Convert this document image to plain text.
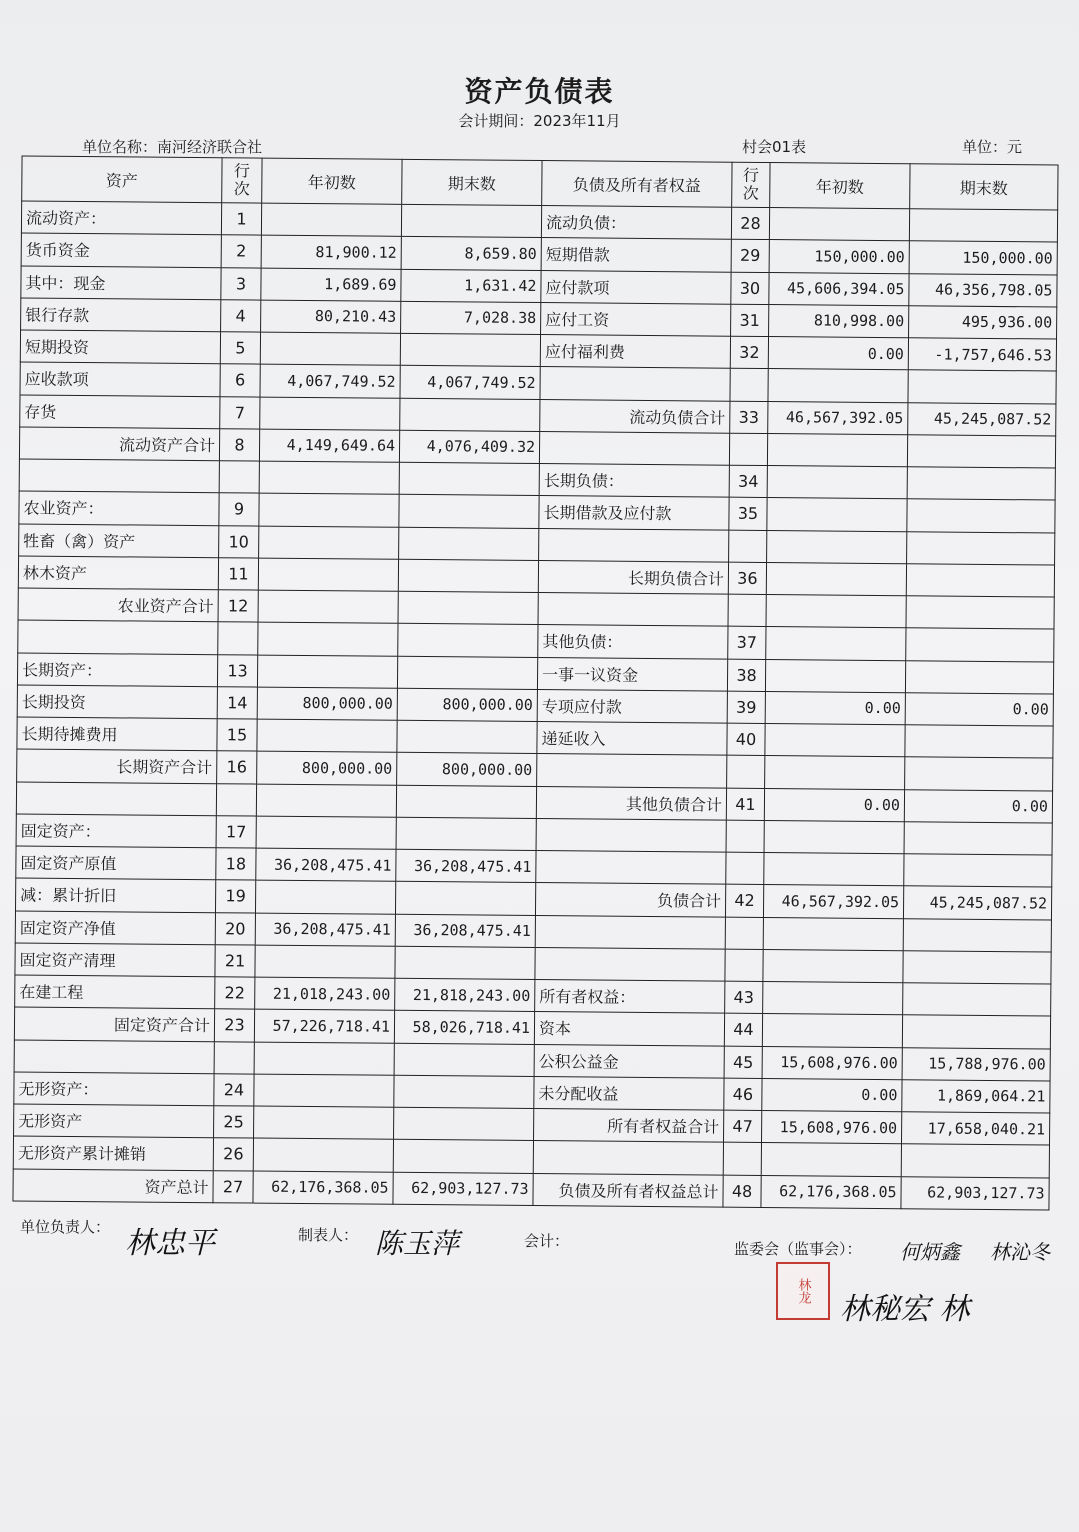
资产负债表
会计期间：2023年11月
单位名称：南河经济联合社	村会01表	单位：元
资产	行次	年初数	期末数	负债及所有者权益	行次	年初数	期末数
流动资产：	1			流动负债：	28		
货币资金	2	81,900.12	8,659.80	短期借款	29	150,000.00	150,000.00
其中：现金	3	1,689.69	1,631.42	应付款项	30	45,606,394.05	46,356,798.05
银行存款	4	80,210.43	7,028.38	应付工资	31	810,998.00	495,936.00
短期投资	5			应付福利费	32	0.00	-1,757,646.53
应收款项	6	4,067,749.52	4,067,749.52				
存货	7			流动负债合计	33	46,567,392.05	45,245,087.52
流动资产合计	8	4,149,649.64	4,076,409.32				
				长期负债：	34		
农业资产：	9			长期借款及应付款	35		
牲畜（禽）资产	10						
林木资产	11			长期负债合计	36		
农业资产合计	12						
				其他负债：	37		
长期资产：	13			一事一议资金	38		
长期投资	14	800,000.00	800,000.00	专项应付款	39	0.00	0.00
长期待摊费用	15			递延收入	40		
长期资产合计	16	800,000.00	800,000.00				
				其他负债合计	41	0.00	0.00
固定资产：	17						
固定资产原值	18	36,208,475.41	36,208,475.41				
减：累计折旧	19			负债合计	42	46,567,392.05	45,245,087.52
固定资产净值	20	36,208,475.41	36,208,475.41				
固定资产清理	21						
在建工程	22	21,018,243.00	21,818,243.00	所有者权益：	43		
固定资产合计	23	57,226,718.41	58,026,718.41	资本	44		
				公积公益金	45	15,608,976.00	15,788,976.00
无形资产：	24			未分配收益	46	0.00	1,869,064.21
无形资产	25			所有者权益合计	47	15,608,976.00	17,658,040.21
无形资产累计摊销	26						
资产总计	27	62,176,368.05	62,903,127.73	负债及所有者权益总计	48	62,176,368.05	62,903,127.73
单位负责人： 林忠平	制表人： 陈玉萍	会计：	监委会（监事会）： 何炳鑫 林沁冬
林龙
林秘宏 林
